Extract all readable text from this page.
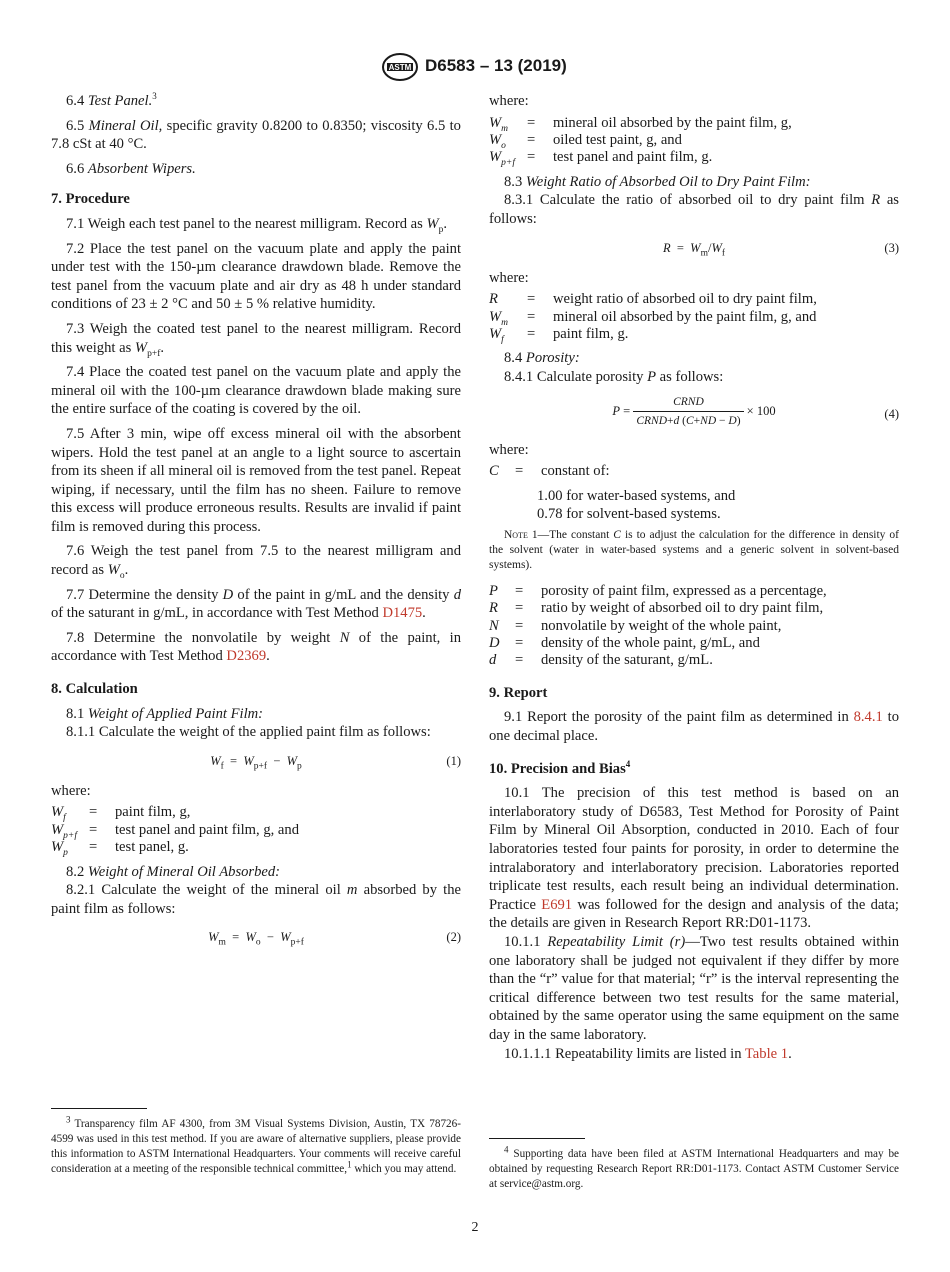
ASTM D6583 – 13 (2019)

6.4 Test Panel.$^3$

6.5 Mineral Oil, specific gravity 0.8200 to 0.8350; viscosity 6.5 to 7.8 cSt at 40 °C.

6.6 Absorbent Wipers.

7. Procedure

7.1 Weigh each test panel to the nearest milligram. Record as $W_p$.

7.2 Place the test panel on the vacuum plate and apply the paint under test with the 150-µm clearance drawdown blade. Remove the test panel from the vacuum plate and air dry as 48 h under standard conditions of 23 ± 2 °C and 50 ± 5 % relative humidity.

7.3 Weigh the coated test panel to the nearest milligram. Record this weight as $W_{p+f}$.

7.4 Place the coated test panel on the vacuum plate and apply the mineral oil with the 100-µm clearance drawdown blade making sure the entire surface of the coating is covered by the oil.

7.5 After 3 min, wipe off excess mineral oil with the absorbent wipers. Hold the test panel at an angle to a light source to ascertain from its sheen if all mineral oil is removed from the test panel. Repeat wiping, if necessary, until the film has no sheen. Failure to remove this excess will produce erroneous results. Results are invalid if paint film is removed during this process.

7.6 Weigh the test panel from 7.5 to the nearest milligram and record as $W_o$.

7.7 Determine the density D of the paint in g/mL and the density d of the saturant in g/mL, in accordance with Test Method D1475.

7.8 Determine the nonvolatile by weight N of the paint, in accordance with Test Method D2369.

8. Calculation

8.1 Weight of Applied Paint Film:

8.1.1 Calculate the weight of the applied paint film as follows:

$W_f = W_{p+f} - W_p$	(1)

where:

$W_f$	=	paint film, g,
$W_{p+f}$	=	test panel and paint film, g, and
$W_p$	=	test panel, g.

8.2 Weight of Mineral Oil Absorbed:

8.2.1 Calculate the weight of the mineral oil m absorbed by the paint film as follows:

$W_m = W_o - W_{p+f}$	(2)

$^3$ Transparency film AF 4300, from 3M Visual Systems Division, Austin, TX 78726-4599 was used in this test method. If you are aware of alternative suppliers, please provide this information to ASTM International Headquarters. Your comments will receive careful consideration at a meeting of the responsible technical committee,$^1$ which you may attend.

where:

$W_m$	=	mineral oil absorbed by the paint film, g,
$W_o$	=	oiled test paint, g, and
$W_{p+f}$	=	test panel and paint film, g.

8.3 Weight Ratio of Absorbed Oil to Dry Paint Film:

8.3.1 Calculate the ratio of absorbed oil to dry paint film R as follows:

$R = W_m/W_f$	(3)

where:

R	=	weight ratio of absorbed oil to dry paint film,
$W_m$	=	mineral oil absorbed by the paint film, g, and
$W_f$	=	paint film, g.

8.4 Porosity:

8.4.1 Calculate porosity P as follows:

$P = \frac{\text{CRND}}{\text{CRND+d (C+ND − D)}} \times 100$	(4)

where:

C	=	constant of:

1.00 for water-based systems, and

0.78 for solvent-based systems.

Note 1—The constant C is to adjust the calculation for the difference in density of the solvent (water in water-based systems and a generic solvent in solvent-based systems).

P	=	porosity of paint film, expressed as a percentage,
R	=	ratio by weight of absorbed oil to dry paint film,
N	=	nonvolatile by weight of the whole paint,
D	=	density of the whole paint, g/mL, and
d	=	density of the saturant, g/mL.
9. Report

9.1 Report the porosity of the paint film as determined in 8.4.1 to one decimal place.

10. Precision and Bias$^4$

10.1 The precision of this test method is based on an interlaboratory study of D6583, Test Method for Porosity of Paint Film by Mineral Oil Absorption, conducted in 2010. Each of four laboratories tested four paints for porosity, in order to determine the intralaboratory and interlaboratory precision. Laboratories reported triplicate test results, each result being an individual determination. Practice E691 was followed for the design and analysis of the data; the details are given in Research Report RR:D01-1173.

10.1.1 Repeatability Limit (r)—Two test results obtained within one laboratory shall be judged not equivalent if they differ by more than the “r” value for that material; “r” is the interval representing the critical difference between two test results for the same material, obtained by the same operator using the same equipment on the same day in the same laboratory.

10.1.1.1 Repeatability limits are listed in Table 1.

$^4$ Supporting data have been filed at ASTM International Headquarters and may be obtained by requesting Research Report RR:D01-1173. Contact ASTM Customer Service at service@astm.org.

2
